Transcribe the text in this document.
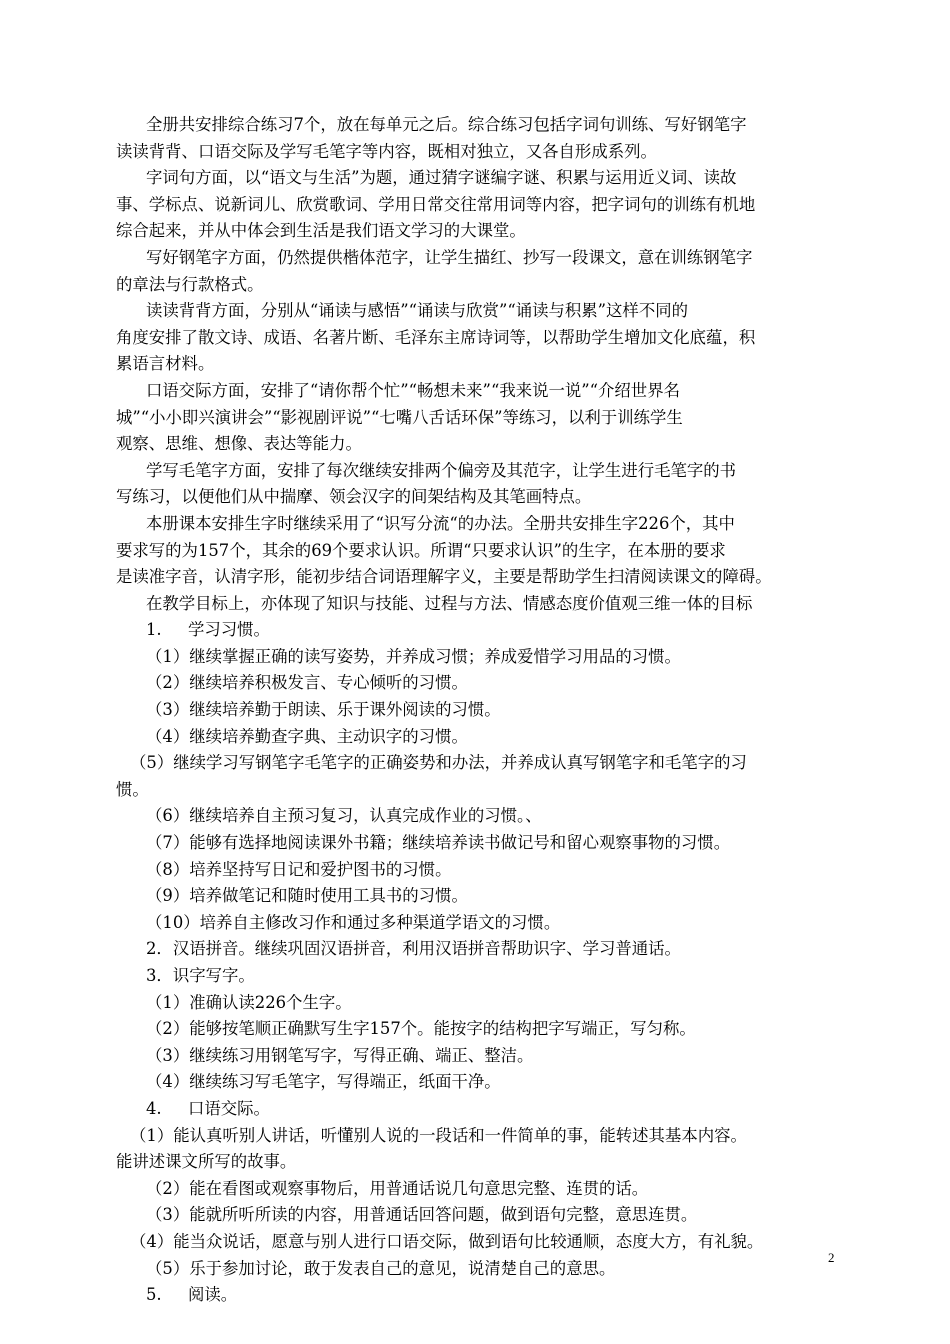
全册共安排综合练习7个，放在每单元之后。综合练习包括字词句训练、写好钢笔字
读读背背、口语交际及学写毛笔字等内容，既相对独立，又各自形成系列。
字词句方面，以“语文与生活”为题，通过猜字谜编字谜、积累与运用近义词、读故
事、学标点、说新词儿、欣赏歌词、学用日常交往常用词等内容，把字词句的训练有机地
综合起来，并从中体会到生活是我们语文学习的大课堂。
写好钢笔字方面，仍然提供楷体范字，让学生描红、抄写一段课文，意在训练钢笔字
的章法与行款格式。
读读背背方面，分别从“诵读与感悟”“诵读与欣赏”“诵读与积累”这样不同的
角度安排了散文诗、成语、名著片断、毛泽东主席诗词等，以帮助学生增加文化底蕴，积
累语言材料。
口语交际方面，安排了“请你帮个忙”“畅想未来”“我来说一说”“介绍世界名
城”“小小即兴演讲会”“影视剧评说”“七嘴八舌话环保”等练习，以利于训练学生
观察、思维、想像、表达等能力。
学写毛笔字方面，安排了每次继续安排两个偏旁及其范字，让学生进行毛笔字的书
写练习，以便他们从中揣摩、领会汉字的间架结构及其笔画特点。
本册课本安排生字时继续采用了“识写分流“的办法。全册共安排生字226个，其中
要求写的为157个，其余的69个要求认识。所谓“只要求认识”的生字，在本册的要求
是读准字音，认清字形，能初步结合词语理解字义，主要是帮助学生扫清阅读课文的障碍。
在教学目标上，亦体现了知识与技能、过程与方法、情感态度价值观三维一体的目标
1. 学习习惯。
（1）继续掌握正确的读写姿势，并养成习惯；养成爱惜学习用品的习惯。
（2）继续培养积极发言、专心倾听的习惯。
（3）继续培养勤于朗读、乐于课外阅读的习惯。
（4）继续培养勤查字典、主动识字的习惯。
（5）继续学习写钢笔字毛笔字的正确姿势和办法，并养成认真写钢笔字和毛笔字的习
惯。
（6）继续培养自主预习复习，认真完成作业的习惯。、
（7）能够有选择地阅读课外书籍；继续培养读书做记号和留心观察事物的习惯。
（8）培养坚持写日记和爱护图书的习惯。
（9）培养做笔记和随时使用工具书的习惯。
（10）培养自主修改习作和通过多种渠道学语文的习惯。
2．汉语拼音。继续巩固汉语拼音，利用汉语拼音帮助识字、学习普通话。
3．识字写字。
（1）准确认读226个生字。
（2）能够按笔顺正确默写生字157个。能按字的结构把字写端正，写匀称。
（3）继续练习用钢笔写字，写得正确、端正、整洁。
（4）继续练习写毛笔字，写得端正，纸面干净。
4. 口语交际。
（1）能认真听别人讲话，听懂别人说的一段话和一件简单的事，能转述其基本内容。
能讲述课文所写的故事。
（2）能在看图或观察事物后，用普通话说几句意思完整、连贯的话。
（3）能就所听所读的内容，用普通话回答问题，做到语句完整，意思连贯。
（4）能当众说话，愿意与别人进行口语交际，做到语句比较通顺，态度大方，有礼貌。
（5）乐于参加讨论，敢于发表自己的意见，说清楚自己的意思。
5. 阅读。
2
